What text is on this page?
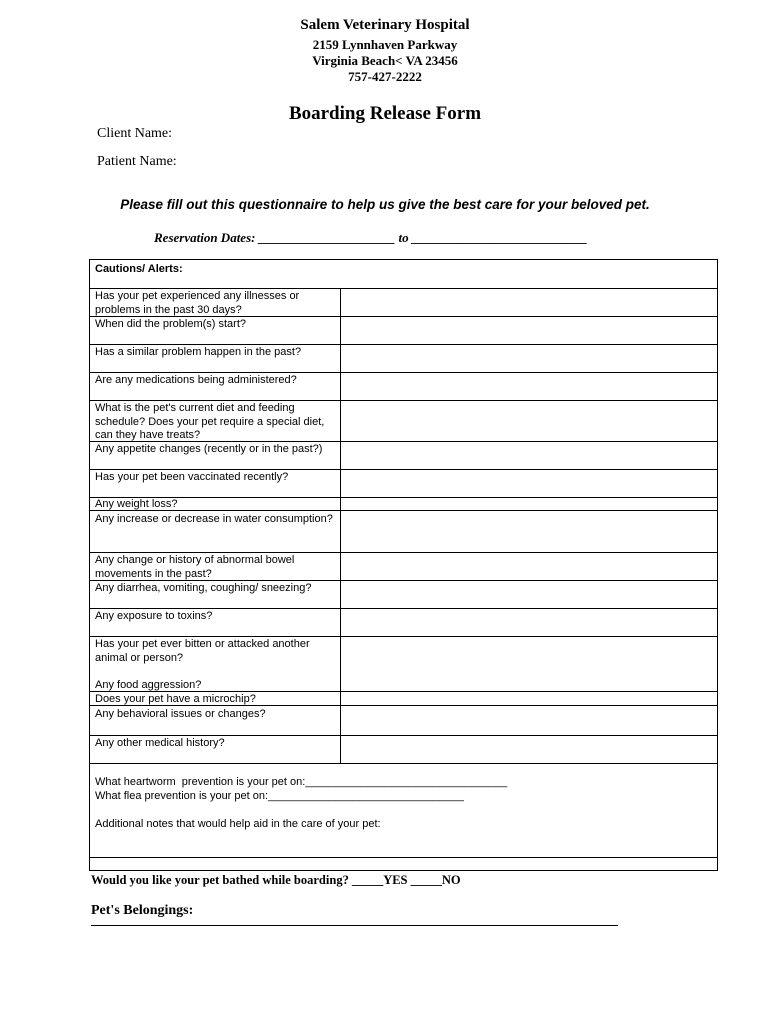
Salem Veterinary Hospital
2159 Lynnhaven Parkway
Virginia Beach< VA 23456
757-427-2222
Boarding Release Form
Client Name:
Patient Name:
Please fill out this questionnaire to help us give the best care for your beloved pet.
Reservation Dates: _____________________ to ___________________________
Cautions/ Alerts:
Has your pet experienced any illnesses or problems in the past 30 days?
When did the problem(s) start?
Has a similar problem happen in the past?
Are any medications being administered?
What is the pet's current diet and feeding schedule? Does your pet require a special diet, can they have treats?
Any appetite changes (recently or in the past?)
Has your pet been vaccinated recently?
Any weight loss?
Any increase or decrease in water consumption?
Any change or history of abnormal bowel movements in the past?
Any diarrhea, vomiting, coughing/ sneezing?
Any exposure to toxins?
Has your pet ever bitten or attacked another animal or person?
Any food aggression?
Does your pet have a microchip?
Any behavioral issues or changes?
Any other medical history?
What heartworm  prevention is your pet on:_________________________________
What flea prevention is your pet on:________________________________
Additional notes that would help aid in the care of your pet:
Would you like your pet bathed while boarding? _____YES _____NO
Pet's Belongings:
